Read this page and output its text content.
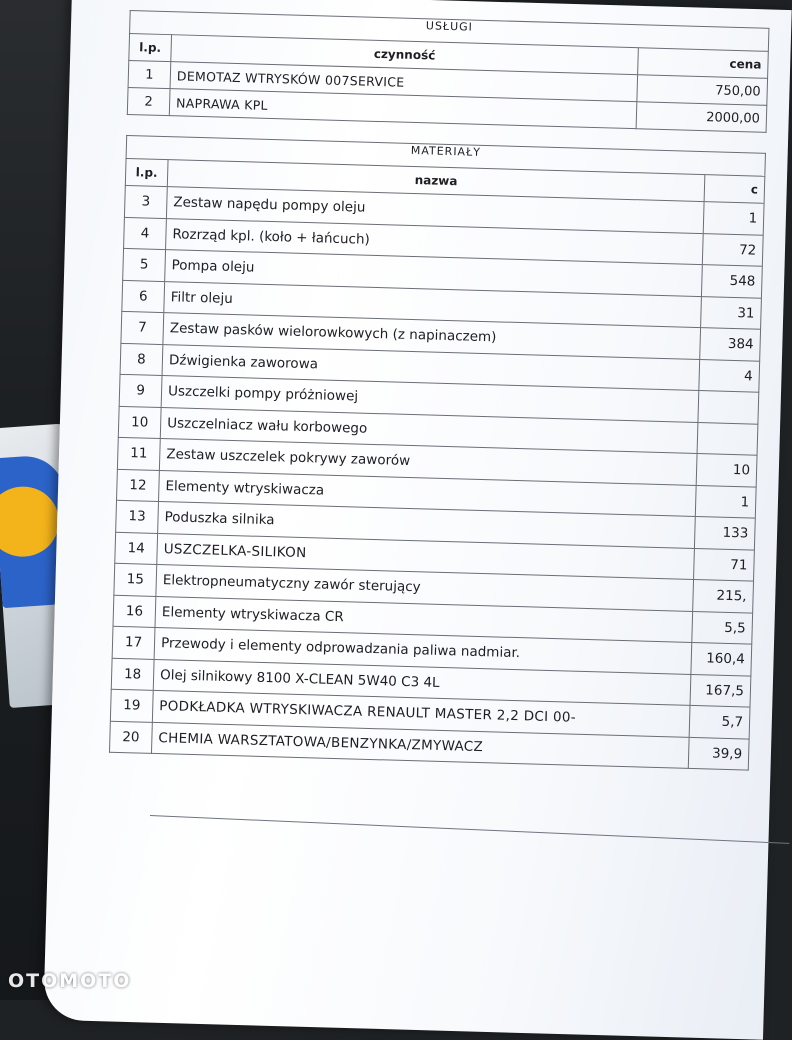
USŁUGI
l.p.	czynność	cena
1	DEMOTAZ WTRYSKÓW 007SERVICE	750,00
2	NAPRAWA KPL	2000,00
MATERIAŁY
l.p.	nazwa	c
3	Zestaw napędu pompy oleju	1
4	Rozrząd kpl. (koło + łańcuch)	72
5	Pompa oleju	548
6	Filtr oleju	31
7	Zestaw pasków wielorowkowych (z napinaczem)	384
8	Dźwigienka zaworowa	4
9	Uszczelki pompy próżniowej	
10	Uszczelniacz wału korbowego	
11	Zestaw uszczelek pokrywy zaworów	10
12	Elementy wtryskiwacza	1
13	Poduszka silnika	133
14	USZCZELKA-SILIKON	71
15	Elektropneumatyczny zawór sterujący	215,
16	Elementy wtryskiwacza CR	5,5
17	Przewody i elementy odprowadzania paliwa nadmiar.	160,4
18	Olej silnikowy 8100 X-CLEAN 5W40 C3 4L	167,5
19	PODKŁADKA WTRYSKIWACZA RENAULT MASTER 2,2 DCI 00-	5,7
20	CHEMIA WARSZTATOWA/BENZYNKA/ZMYWACZ	39,9
OTOMOTO
